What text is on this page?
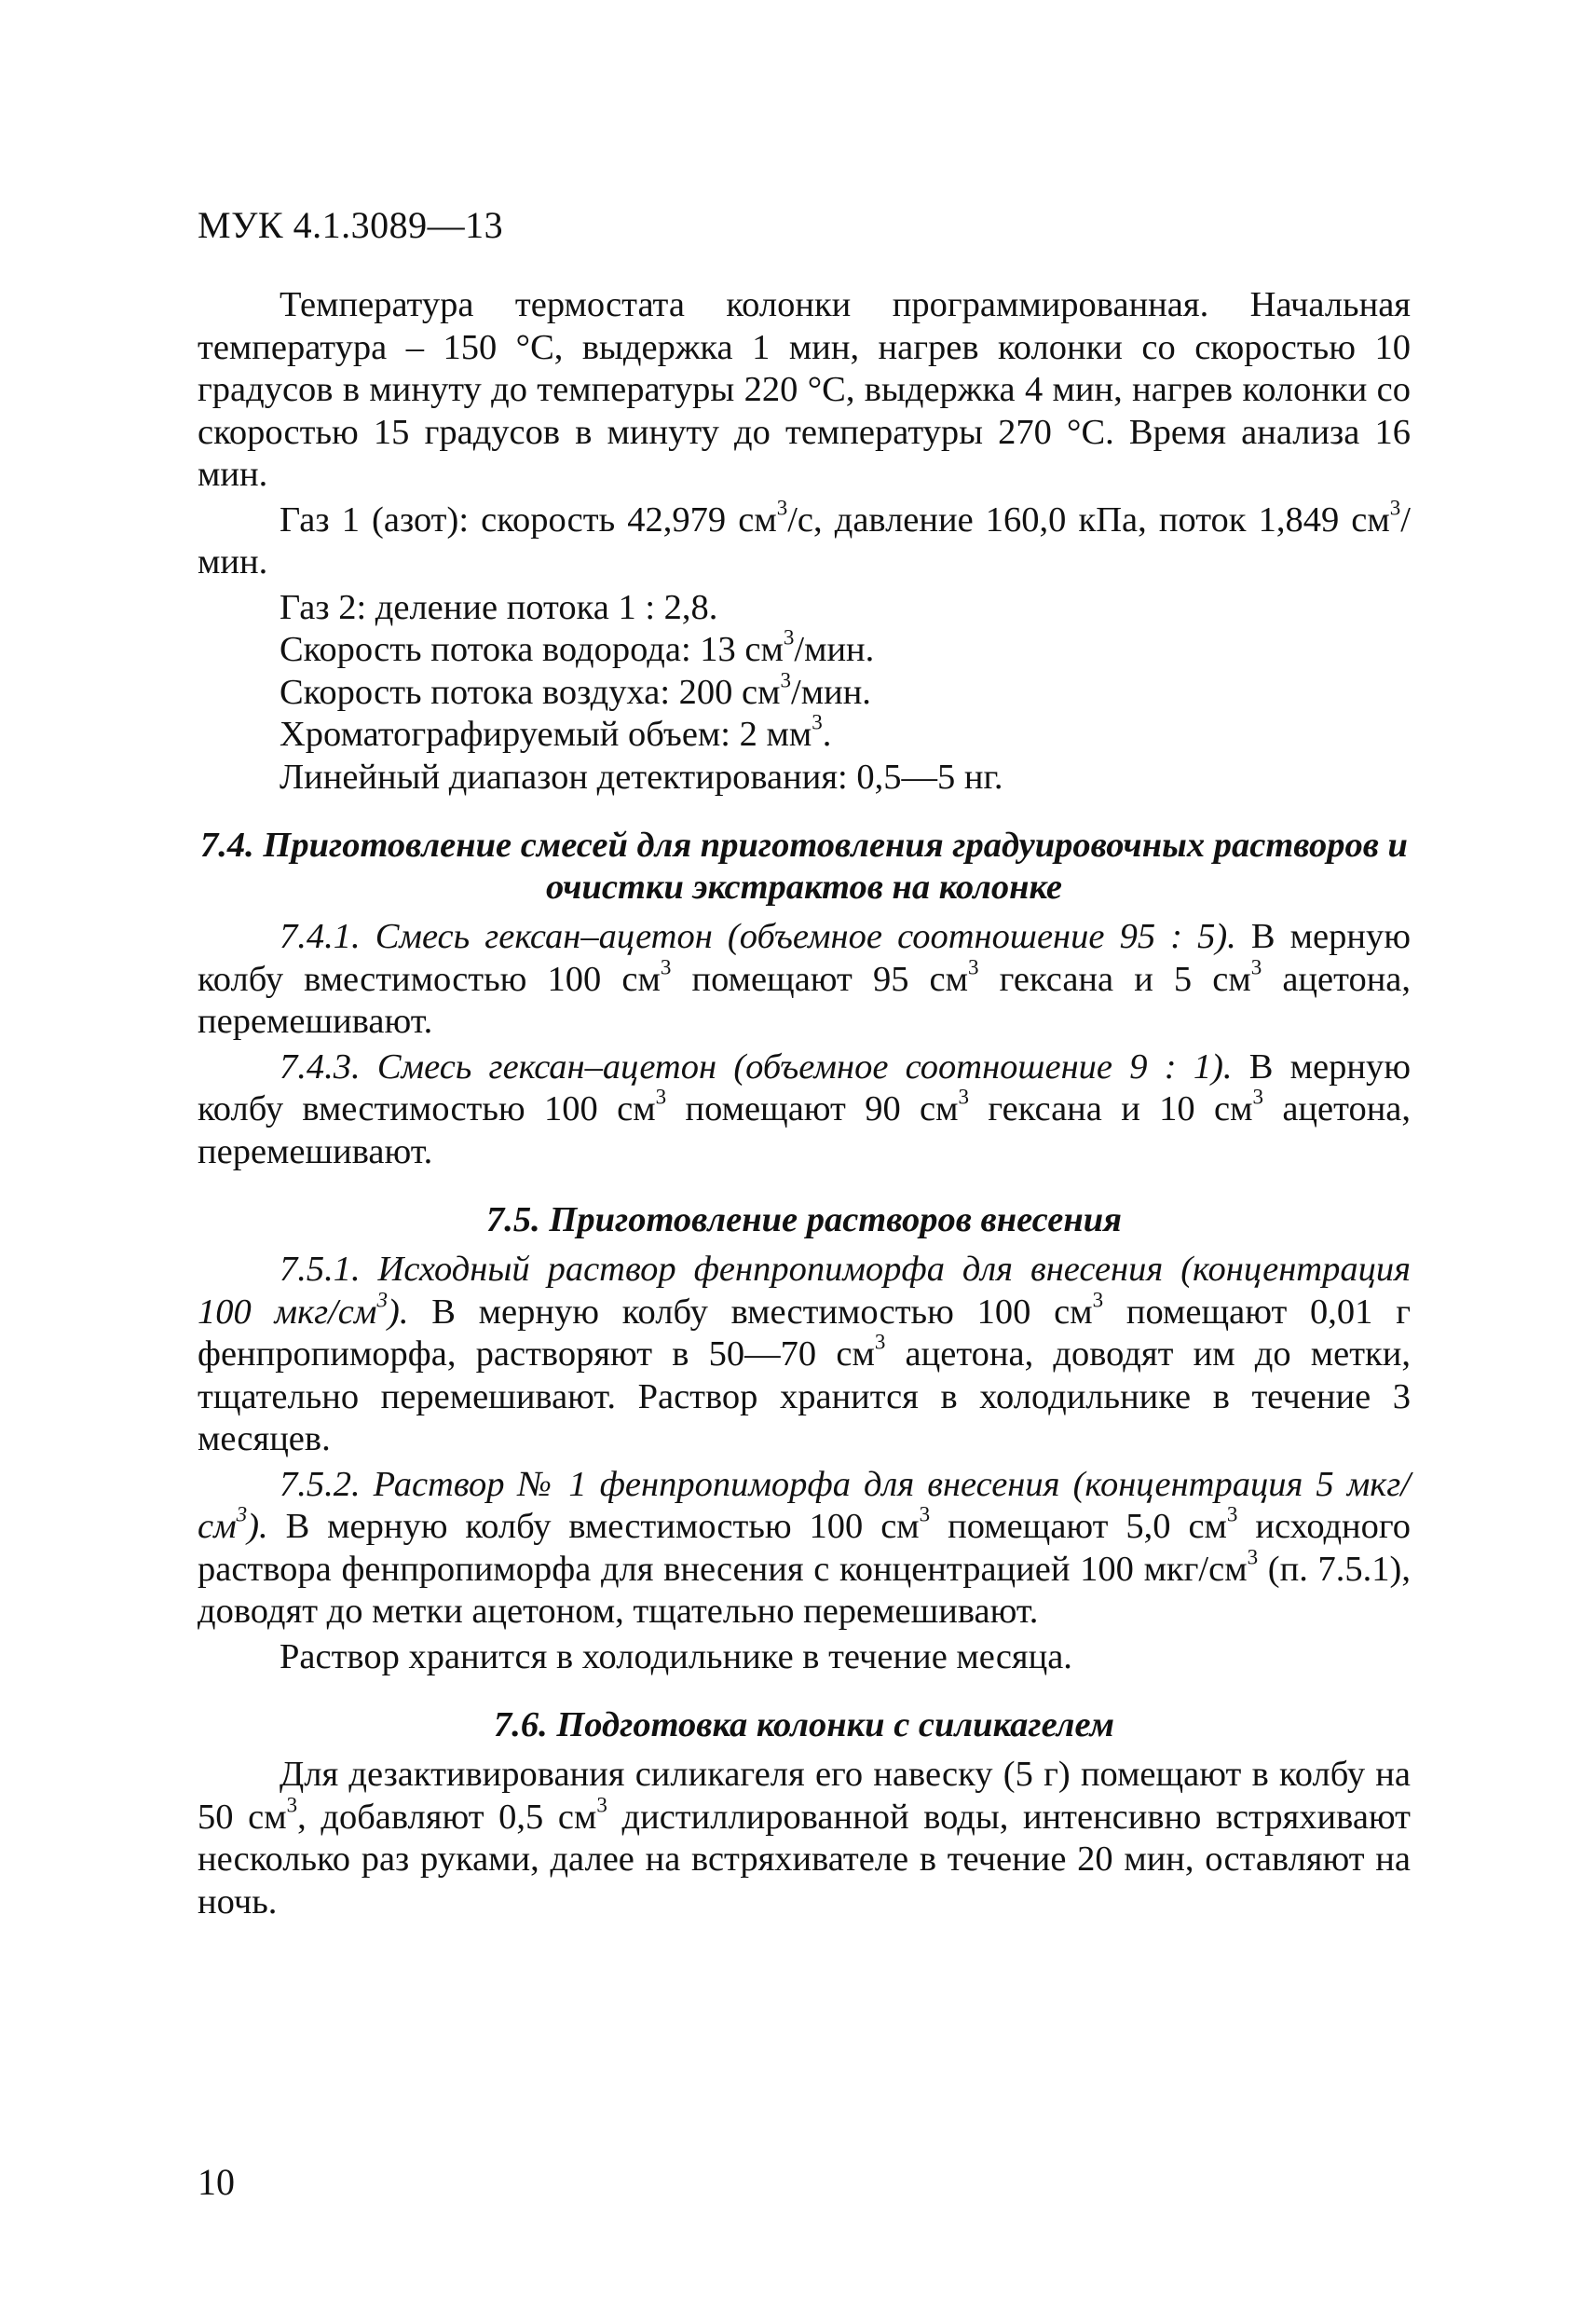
МУК 4.1.3089—13

Температура термостата колонки программированная. Начальная температура – 150 °С, выдержка 1 мин, нагрев колонки со скоростью 10 градусов в минуту до температуры 220 °С, выдержка 4 мин, нагрев колонки со скоростью 15 градусов в минуту до температуры 270 °С. Время анализа 16 мин.

Газ 1 (азот): скорость 42,979 $см^3/с$, давление 160,0 кПа, поток 1,849 $см^3$/мин.

Газ 2: деление потока 1 : 2,8.

Скорость потока водорода: 13 $см^3$/мин.

Скорость потока воздуха: 200 $см^3$/мин.

Хроматографируемый объем: 2 $мм^3$.

Линейный диапазон детектирования: 0,5—5 нг.

7.4. Приготовление смесей для приготовления градуировочных растворов и очистки экстрактов на колонке

7.4.1. Смесь гексан–ацетон (объемное соотношение 95 : 5). В мерную колбу вместимостью 100 $см^3$ помещают 95 $см^3$ гексана и 5 $см^3$ ацетона, перемешивают.

7.4.3. Смесь гексан–ацетон (объемное соотношение 9 : 1). В мерную колбу вместимостью 100 $см^3$ помещают 90 $см^3$ гексана и 10 $см^3$ ацетона, перемешивают.

7.5. Приготовление растворов внесения

7.5.1. Исходный раствор фенпропиморфа для внесения (концентрация 100 мкг/$см^3$). В мерную колбу вместимостью 100 $см^3$ помещают 0,01 г фенпропиморфа, растворяют в 50—70 $см^3$ ацетона, доводят им до метки, тщательно перемешивают. Раствор хранится в холодильнике в течение 3 месяцев.

7.5.2. Раствор № 1 фенпропиморфа для внесения (концентрация 5 мкг/$см^3$). В мерную колбу вместимостью 100 $см^3$ помещают 5,0 $см^3$ исходного раствора фенпропиморфа для внесения с концентрацией 100 мкг/$см^3$ (п. 7.5.1), доводят до метки ацетоном, тщательно перемешивают.

Раствор хранится в холодильнике в течение месяца.

7.6. Подготовка колонки с силикагелем

Для дезактивирования силикагеля его навеску (5 г) помещают в колбу на 50 $см^3$, добавляют 0,5 $см^3$ дистиллированной воды, интенсивно встряхивают несколько раз руками, далее на встряхивателе в течение 20 мин, оставляют на ночь.

10
